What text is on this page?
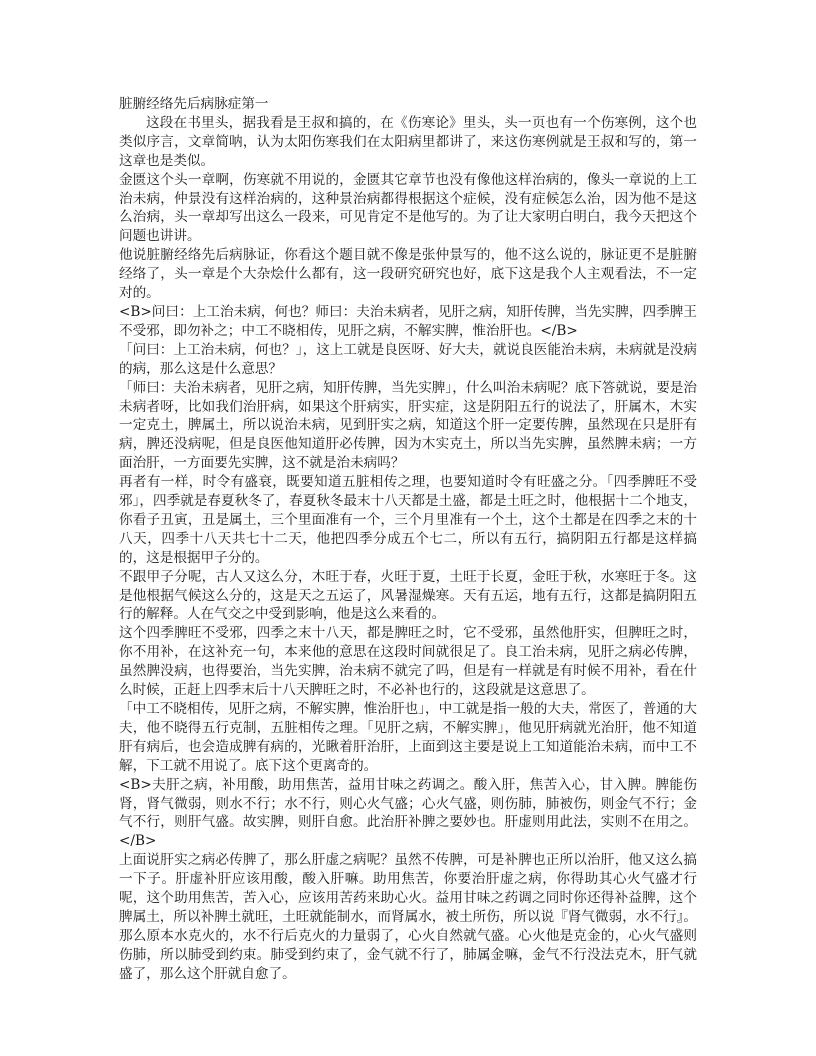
脏腑经络先后病脉症第一

这段在书里头，据我看是王叔和搞的，在《伤寒论》里头，头一页也有一个伤寒例，这个也类似序言，文章简呐，认为太阳伤寒我们在太阳病里都讲了，来这伤寒例就是王叔和写的，第一这章也是类似。

金匮这个头一章啊，伤寒就不用说的，金匮其它章节也没有像他这样治病的，像头一章说的上工治未病，仲景没有这样治病的，这种景治病都得根据这个症候，没有症候怎么治，因为他不是这么治病，头一章却写出这么一段来，可见肯定不是他写的。为了让大家明白明白，我今天把这个问题也讲讲。

他说脏腑经络先后病脉证，你看这个题目就不像是张仲景写的，他不这么说的，脉证更不是脏腑经络了，头一章是个大杂烩什么都有，这一段研究研究也好，底下这是我个人主观看法，不一定对的。

<B>问曰：上工治未病，何也？师曰：夫治未病者，见肝之病，知肝传脾，当先实脾，四季脾王不受邪，即勿补之；中工不晓相传，见肝之病，不解实脾，惟治肝也。</B>

「问曰：上工治未病，何也？」，这上工就是良医呀、好大夫，就说良医能治未病，未病就是没病的病，那么这是什么意思？

「师曰：夫治未病者，见肝之病，知肝传脾，当先实脾」，什么叫治未病呢？底下答就说，要是治未病者呀，比如我们治肝病，如果这个肝病实，肝实症，这是阴阳五行的说法了，肝属木，木实一定克土，脾属土，所以说治未病，见到肝实之病，知道这个肝一定要传脾，虽然现在只是肝有病，脾还没病呢，但是良医他知道肝必传脾，因为木实克土，所以当先实脾，虽然脾未病；一方面治肝，一方面要先实脾，这不就是治未病吗？

再者有一样，时令有盛衰，既要知道五脏相传之理，也要知道时令有旺盛之分。「四季脾旺不受邪」，四季就是春夏秋冬了，春夏秋冬最末十八天都是土盛，都是土旺之时，他根据十二个地支，你看子丑寅，丑是属土，三个里面准有一个，三个月里准有一个土，这个土都是在四季之末的十八天，四季十八天共七十二天，他把四季分成五个七二，所以有五行，搞阴阳五行都是这样搞的，这是根据甲子分的。

不跟甲子分呢，古人又这么分，木旺于春，火旺于夏，土旺于长夏，金旺于秋，水寒旺于冬。这是他根据气候这么分的，这是天之五运了，风暑湿燥寒。天有五运，地有五行，这都是搞阴阳五行的解释。人在气交之中受到影响，他是这么来看的。

这个四季脾旺不受邪，四季之末十八天，都是脾旺之时，它不受邪，虽然他肝实，但脾旺之时，你不用补，在这补充一句，本来他的意思在这段时间就很足了。良工治未病，见肝之病必传脾，虽然脾没病，也得要治，当先实脾，治未病不就完了吗，但是有一样就是有时候不用补，看在什么时候，正赶上四季末后十八天脾旺之时，不必补也行的，这段就是这意思了。

「中工不晓相传，见肝之病，不解实脾，惟治肝也」，中工就是指一般的大夫，常医了，普通的大夫，他不晓得五行克制，五脏相传之理。「见肝之病，不解实脾」，他见肝病就光治肝，他不知道肝有病后，也会造成脾有病的，光瞅着肝治肝，上面到这主要是说上工知道能治未病，而中工不解，下工就不用说了。底下这个更离奇的。

<B>夫肝之病，补用酸，助用焦苦，益用甘味之药调之。酸入肝，焦苦入心，甘入脾。脾能伤肾，肾气微弱，则水不行；水不行，则心火气盛；心火气盛，则伤肺，肺被伤，则金气不行；金气不行，则肝气盛。故实脾，则肝自愈。此治肝补脾之要妙也。肝虚则用此法，实则不在用之。</B>

上面说肝实之病必传脾了，那么肝虚之病呢？虽然不传脾，可是补脾也正所以治肝，他又这么搞一下子。肝虚补肝应该用酸，酸入肝嘛。助用焦苦，你要治肝虚之病，你得助其心火气盛才行呢，这个助用焦苦，苦入心，应该用苦药来助心火。益用甘味之药调之同时你还得补益脾，这个脾属土，所以补脾土就旺，土旺就能制水，而肾属水，被土所伤，所以说『肾气微弱，水不行』。那么原本水克火的，水不行后克火的力量弱了，心火自然就气盛。心火他是克金的，心火气盛则伤肺，所以肺受到约束。肺受到约束了，金气就不行了，肺属金嘛，金气不行没法克木，肝气就盛了，那么这个肝就自愈了。
